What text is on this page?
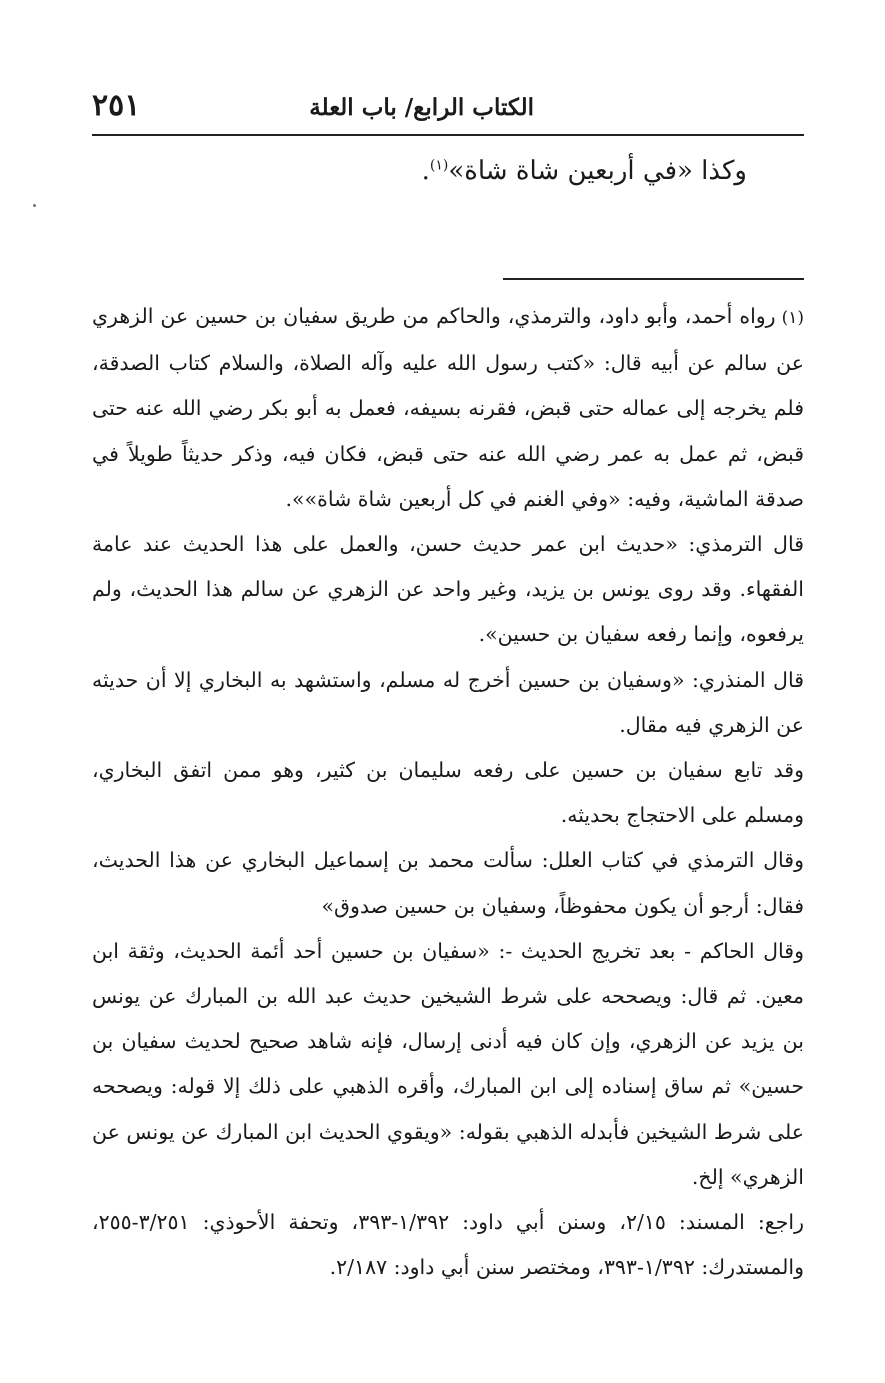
الكتاب الرابع/ باب العلة
٢٥١
وكذا «في أربعين شاة شاة»$^{(١)}$.

(١)رواه أحمد، وأبو داود، والترمذي، والحاكم من طريق سفيان بن حسين عن الزهري عن سالم عن أبيه قال: «كتب رسول الله عليه وآله الصلاة، والسلام كتاب الصدقة، فلم يخرجه إلى عماله حتى قبض، فقرنه بسيفه، فعمل به أبو بكر رضي الله عنه حتى قبض، ثم عمل به عمر رضي الله عنه حتى قبض، فكان فيه، وذكر حديثاً طويلاً في صدقة الماشية، وفيه: «وفي الغنم في كل أربعين شاة شاة»».

قال الترمذي: «حديث ابن عمر حديث حسن، والعمل على هذا الحديث عند عامة الفقهاء. وقد روى يونس بن يزيد، وغير واحد عن الزهري عن سالم هذا الحديث، ولم يرفعوه، وإنما رفعه سفيان بن حسين».

قال المنذري: «وسفيان بن حسين أخرج له مسلم، واستشهد به البخاري إلا أن حديثه عن الزهري فيه مقال.

وقد تابع سفيان بن حسين على رفعه سليمان بن كثير، وهو ممن اتفق البخاري، ومسلم على الاحتجاج بحديثه.

وقال الترمذي في كتاب العلل: سألت محمد بن إسماعيل البخاري عن هذا الحديث، فقال: أرجو أن يكون محفوظاً، وسفيان بن حسين صدوق»

وقال الحاكم - بعد تخريج الحديث -: «سفيان بن حسين أحد أئمة الحديث، وثقة ابن معين. ثم قال: ويصححه على شرط الشيخين حديث عبد الله بن المبارك عن يونس بن يزيد عن الزهري، وإن كان فيه أدنى إرسال، فإنه شاهد صحيح لحديث سفيان بن حسين» ثم ساق إسناده إلى ابن المبارك، وأقره الذهبي على ذلك إلا قوله: ويصححه على شرط الشيخين فأبدله الذهبي بقوله: «ويقوي الحديث ابن المبارك عن يونس عن الزهري» إلخ.

راجع: المسند: ٢/١٥، وسنن أبي داود: ١/٣٩٢-٣٩٣، وتحفة الأحوذي: ٣/٢٥١-٢٥٥، والمستدرك: ١/٣٩٢-٣٩٣، ومختصر سنن أبي داود: ٢/١٨٧.
